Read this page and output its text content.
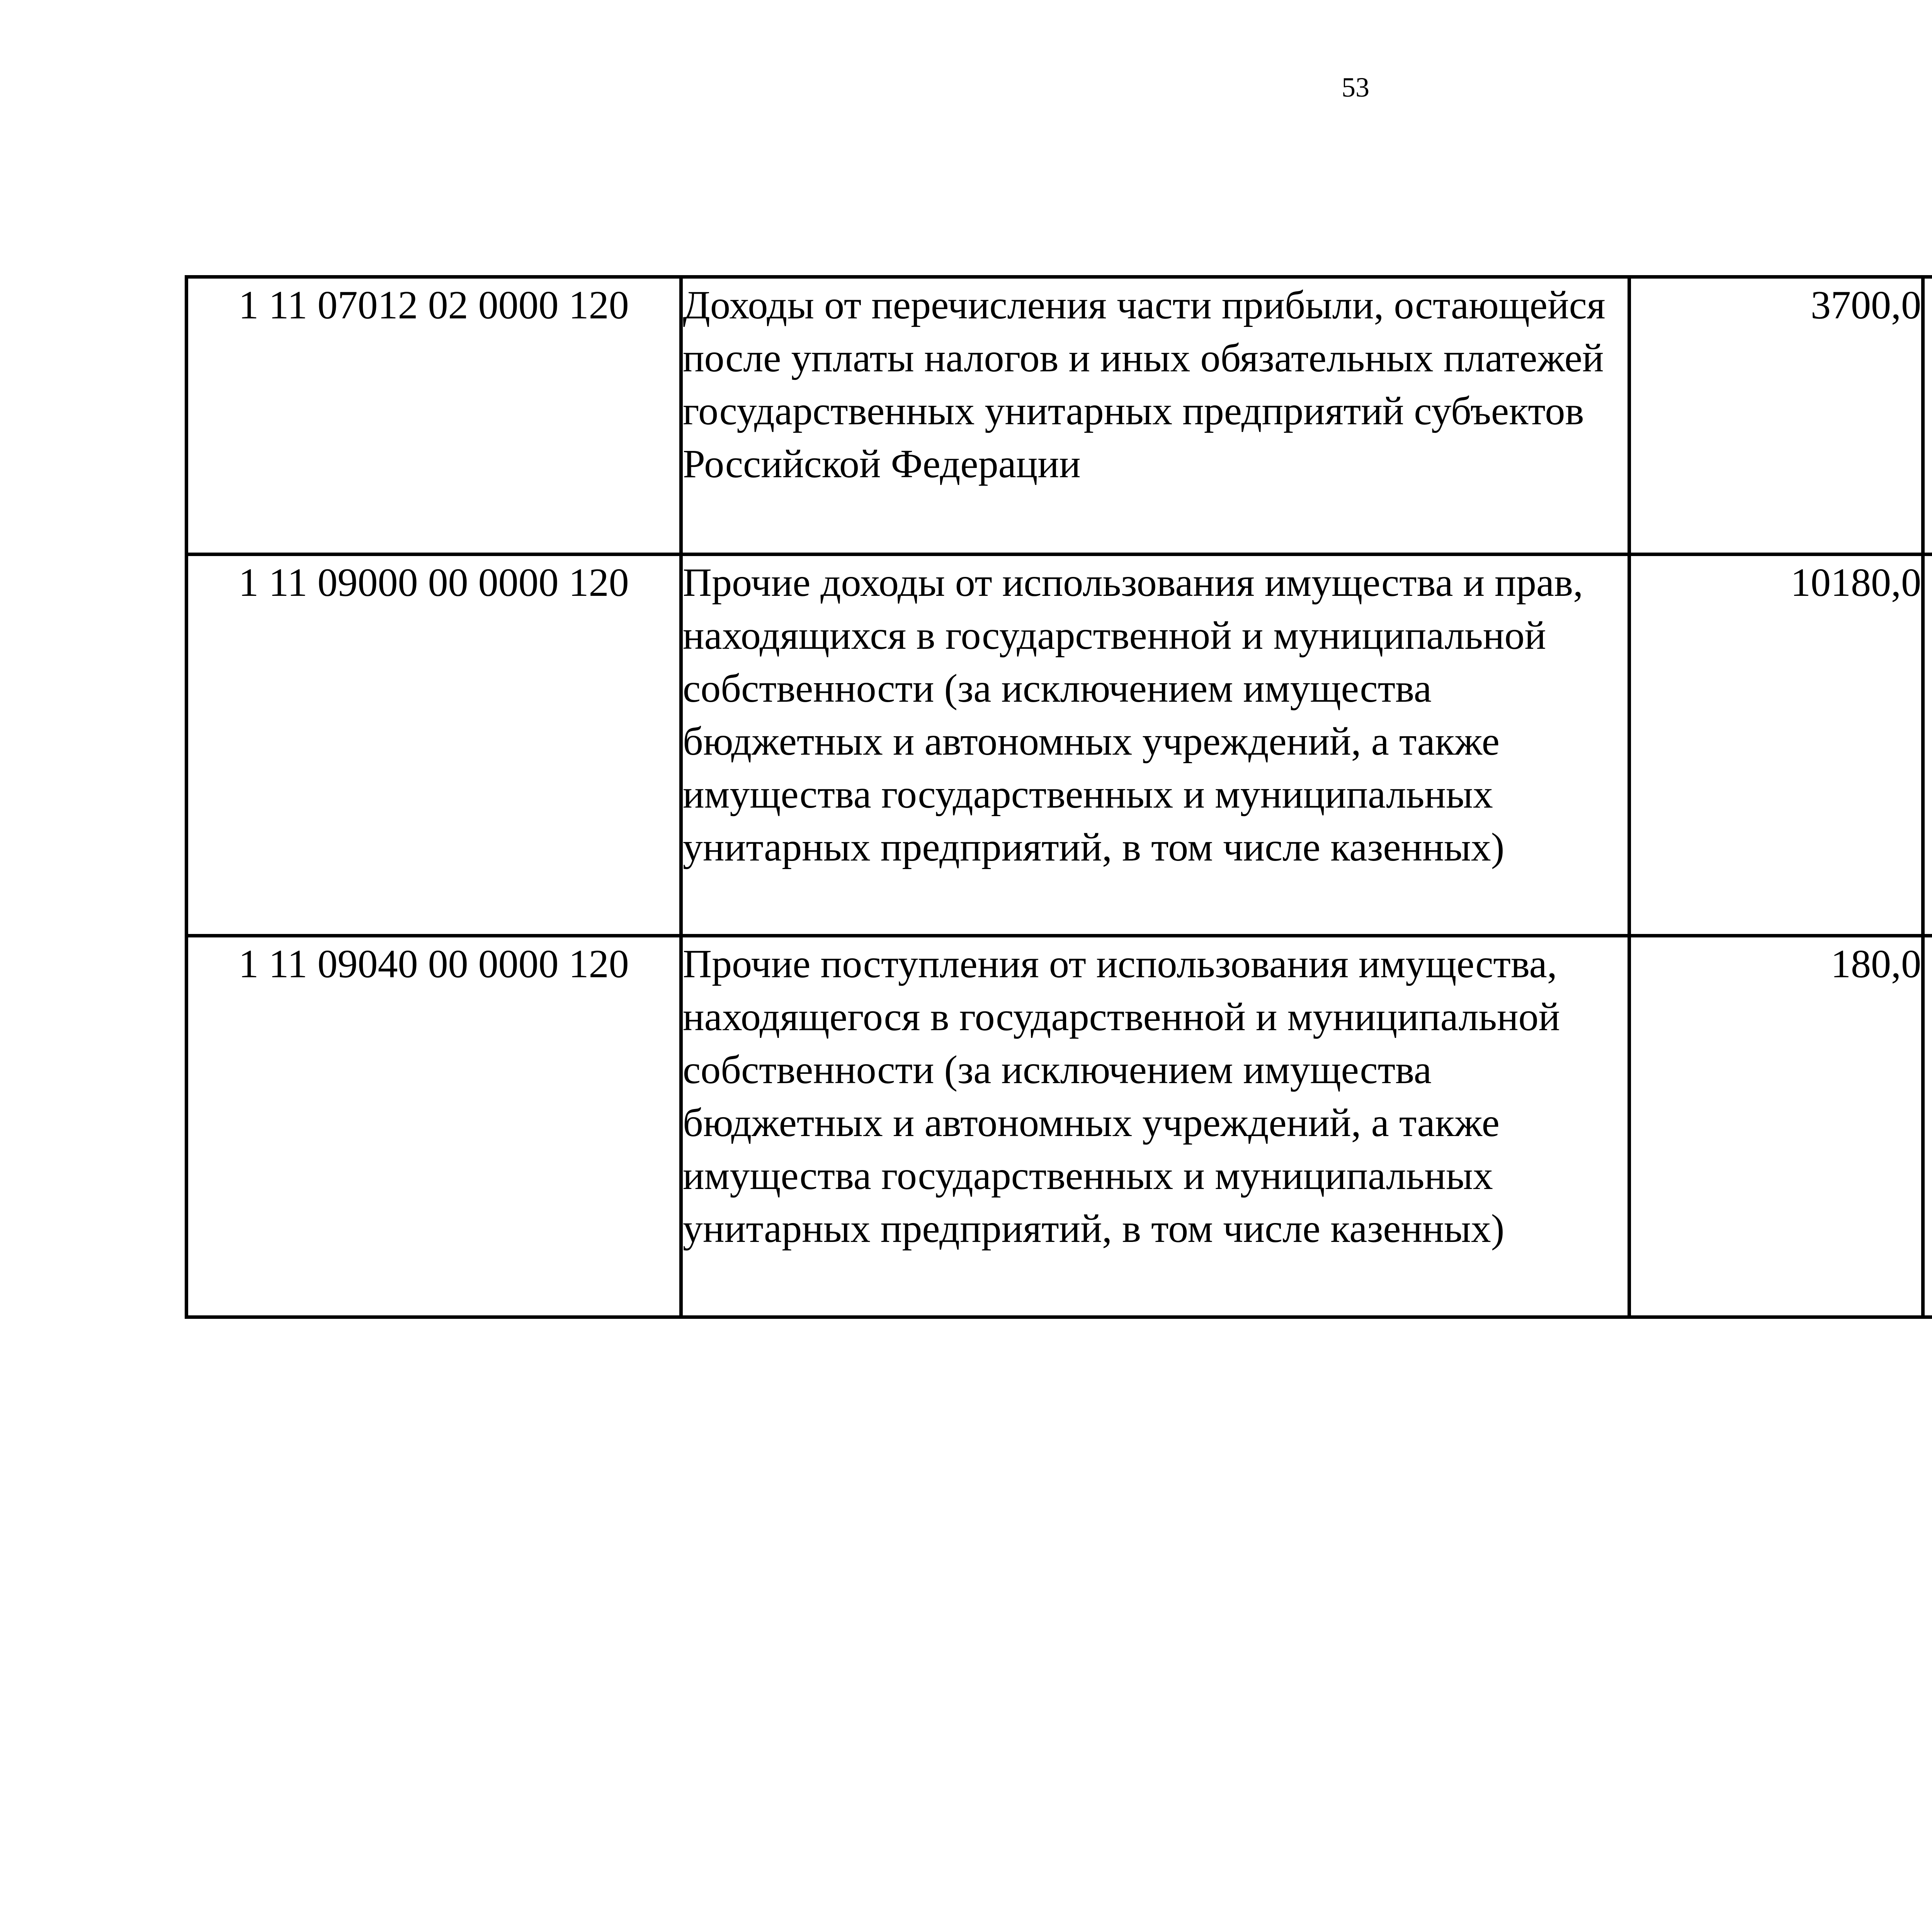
53
1 11 07012 02 0000 120	Доходы от перечисления части прибыли, остающейся после уплаты налогов и иных обязательных платежей государственных унитарных предприятий субъектов Российской Федерации	3700,0		
1 11 09000 00 0000 120	Прочие доходы от использования имущества и прав, находящихся в государственной и муниципальной собственности (за исключением имущества бюджетных и автономных учреждений, а также имущества государственных и муниципальных унитарных предприятий, в том числе казенных)	10180,0		
1 11 09040 00 0000 120	Прочие поступления от использования имущества, находящегося в государственной и муниципальной собственности (за исключением имущества бюджетных и автономных учреждений, а также имущества государственных и муниципальных унитарных предприятий, в том числе казенных)	180,0		
